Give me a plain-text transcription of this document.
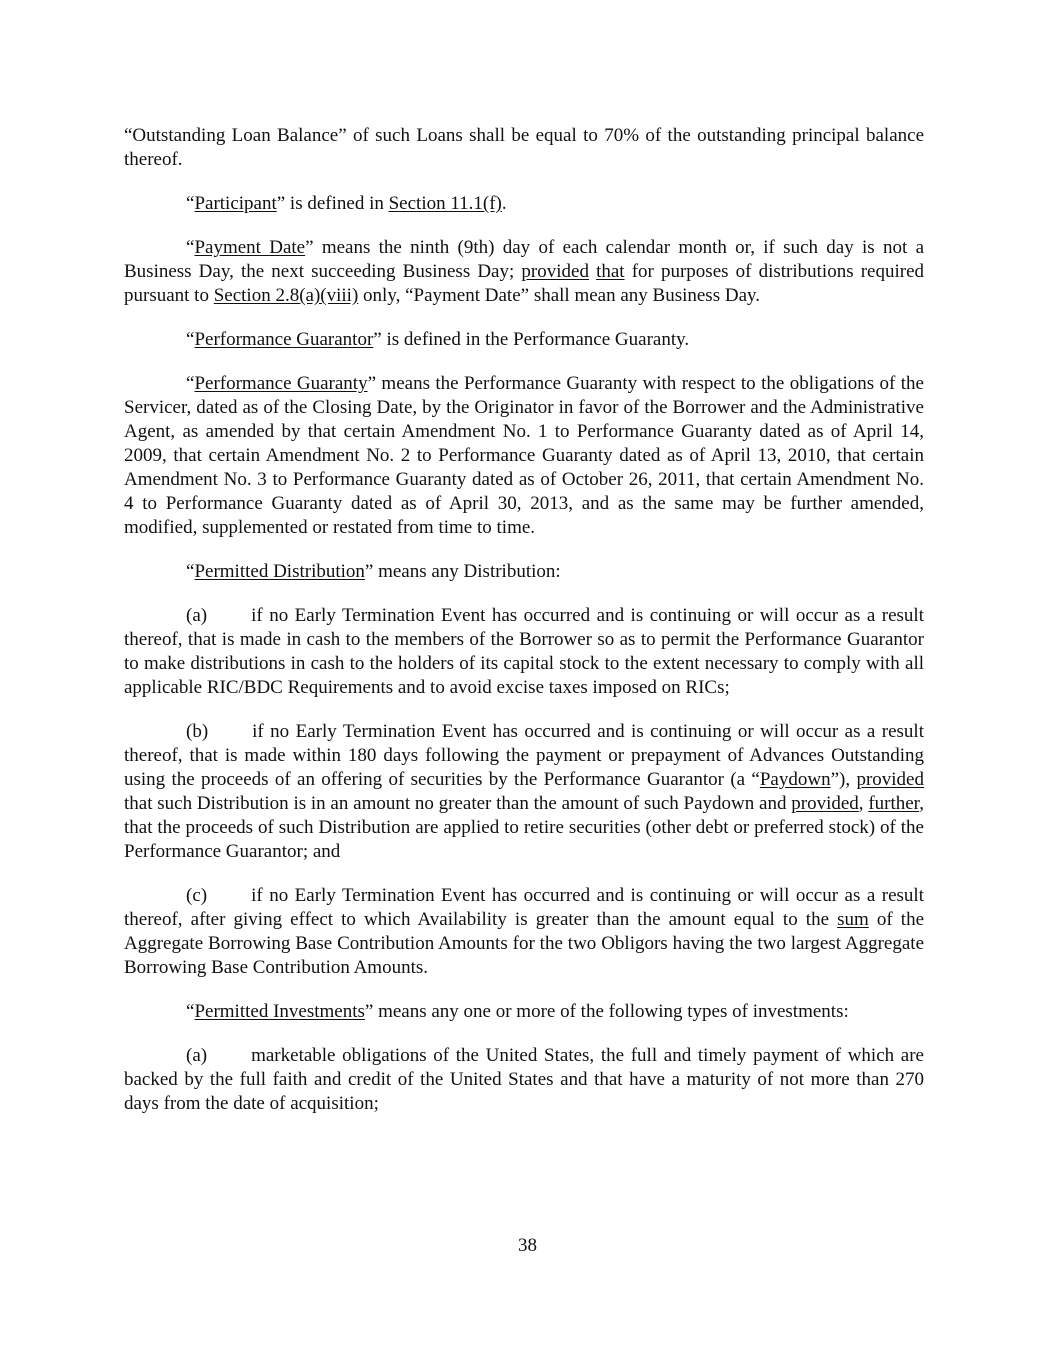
“Outstanding Loan Balance” of such Loans shall be equal to 70% of the outstanding principal balance thereof.

“Participant” is defined in Section 11.1(f).

“Payment Date” means the ninth (9th) day of each calendar month or, if such day is not a Business Day, the next succeeding Business Day; provided that for purposes of distributions required pursuant to Section 2.8(a)(viii) only, “Payment Date” shall mean any Business Day.

“Performance Guarantor” is defined in the Performance Guaranty.

“Performance Guaranty” means the Performance Guaranty with respect to the obligations of the Servicer, dated as of the Closing Date, by the Originator in favor of the Borrower and the Administrative Agent, as amended by that certain Amendment No. 1 to Performance Guaranty dated as of April 14, 2009, that certain Amendment No. 2 to Performance Guaranty dated as of April 13, 2010, that certain Amendment No. 3 to Performance Guaranty dated as of October 26, 2011, that certain Amendment No. 4 to Performance Guaranty dated as of April 30, 2013, and as the same may be further amended, modified, supplemented or restated from time to time.

“Permitted Distribution” means any Distribution:

(a) if no Early Termination Event has occurred and is continuing or will occur as a result thereof, that is made in cash to the members of the Borrower so as to permit the Performance Guarantor to make distributions in cash to the holders of its capital stock to the extent necessary to comply with all applicable RIC/BDC Requirements and to avoid excise taxes imposed on RICs;

(b) if no Early Termination Event has occurred and is continuing or will occur as a result thereof, that is made within 180 days following the payment or prepayment of Advances Outstanding using the proceeds of an offering of securities by the Performance Guarantor (a “Paydown”), provided that such Distribution is in an amount no greater than the amount of such Paydown and provided, further, that the proceeds of such Distribution are applied to retire securities (other debt or preferred stock) of the Performance Guarantor; and

(c) if no Early Termination Event has occurred and is continuing or will occur as a result thereof, after giving effect to which Availability is greater than the amount equal to the sum of the Aggregate Borrowing Base Contribution Amounts for the two Obligors having the two largest Aggregate Borrowing Base Contribution Amounts.

“Permitted Investments” means any one or more of the following types of investments:

(a) marketable obligations of the United States, the full and timely payment of which are backed by the full faith and credit of the United States and that have a maturity of not more than 270 days from the date of acquisition;

38
